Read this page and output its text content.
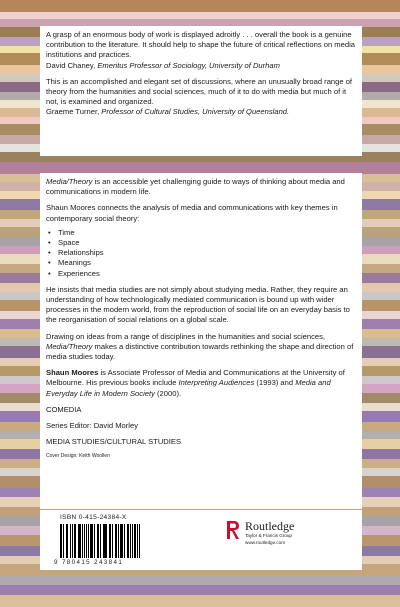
A grasp of an enormous body of work is displayed adroitly . . . overall the book is a genuine contribution to the literature. It should help to shape the future of critical reflections on media institutions and practices.
David Chaney, Emeritus Professor of Sociology, University of Durham

This is an accomplished and elegant set of discussions, where an unusually broad range of theory from the humanities and social sciences, much of it to do with media but much of it not, is examined and organized.
Graeme Turner, Professor of Cultural Studies, University of Queensland.

Media/Theory is an accessible yet challenging guide to ways of thinking about media and communications in modern life.

Shaun Moores connects the analysis of media and communications with key themes in contemporary social theory:

• Time
• Space
• Relationships
• Meanings
• Experiences

He insists that media studies are not simply about studying media. Rather, they require an understanding of how technologically mediated communication is bound up with wider processes in the modern world, from the reproduction of social life on an everyday basis to the reorganisation of social relations on a global scale.

Drawing on ideas from a range of disciplines in the humanities and social sciences, Media/Theory makes a distinctive contribution towards rethinking the shape and direction of media studies today.

Shaun Moores is Associate Professor of Media and Communications at the University of Melbourne. His previous books include Interpreting Audiences (1993) and Media and Everyday Life in Modern Society (2000).

COMEDIA

Series Editor: David Morley

MEDIA STUDIES/CULTURAL STUDIES

Cover Design: Keith Woollen

ISBN 0-415-24384-X
9 780415 243841
Routledge
Taylor & Francis Group
www.routledge.com
